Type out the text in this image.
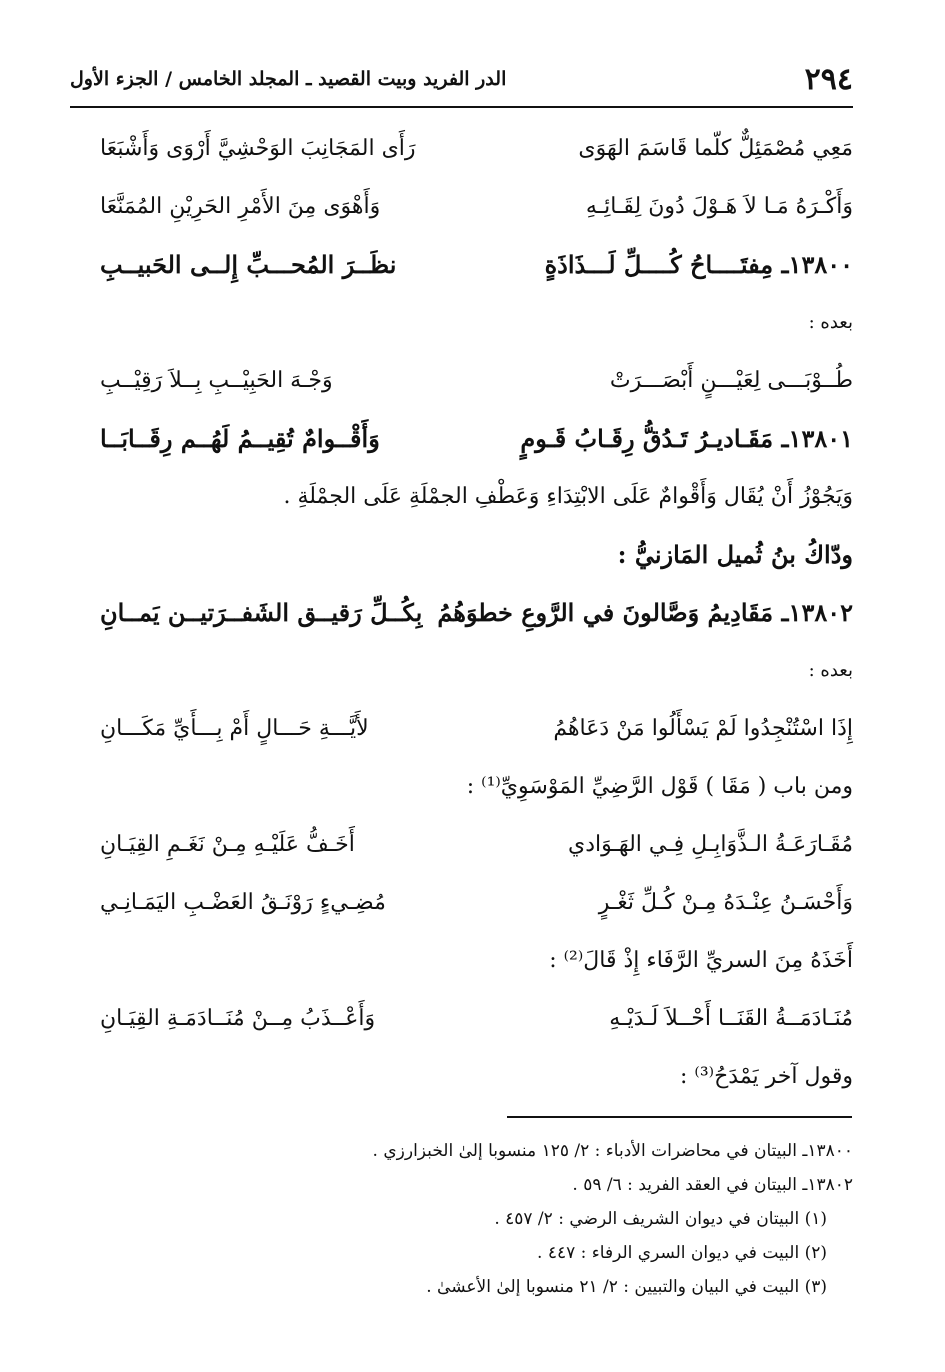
٢٩٤
الدر الفريد وبيت القصيد ـ المجلد الخامس / الجزء الأول
مَعِي مُصْمَئِلٌّ كلّما قَاسَمَ الهَوَى
رَأَى المَجَانِبَ الوَحْشِيَّ أَرْوَى وَأَشْبَعَا
وَأَكْـرَهُ مَـا لاَ هَـوْلَ دُونَ لِقَـائِـهِ
وَأَهْوَى مِنَ الأَمْرِ الحَرِيْنِ المُمَنَّعَا
١٣٨٠٠ـ مِفتَــــاحُ كُــــلِّ لَـــذَاذَةٍ
نظَــرَ المُحـــبِّ إِلــى الحَبيــبِ
بعده :
طُــوْبَـــى لِعَيْـــنٍ أَبْصَـــرَتْ
وَجْـهَ الحَبِيْــبِ بِــلاَ رَقِيْــبِ
١٣٨٠١ـ مَقَـاديـرُ تَـدُقُّ رِقَـابُ قَـومٍ
وَأَقْــوامٌ تُقِيــمُ لَهُــم رِقَــابَــا
وَيَجُوْزُ أَنْ يُقَال وَأَقْوامٌ عَلَى الابْتِدَاءِ وَعَطْفِ الجمْلَةِ عَلَى الجمْلَةِ .
ودّاكُ بنُ ثُميل المَازنيُّ :
١٣٨٠٢ـ مَقَادِيمُ وَصَّالونَ في الرَّوعِ خطوَهُمُ
بِكُــلِّ رَقيــق الشَفــرَتيــن يَمــانِ
بعده :
إِذَا اسْتُنْجِدُوا لَمْ يَسْأَلُوا مَنْ دَعَاهُمُ
لأَيَّـــةِ حَـــالٍ أَمْ بِـــأَيِّ مَكَـــانِ
ومن باب ( مَقَا ) قَوْل الرَّضِيِّ المَوْسَوِيِّ⁽¹⁾ :
مُقَـارَعَـةُ الـذَّوَابِـلِ فِـي الهَـوَادي
أَخَـفُّ عَلَيْـهِ مِـنْ نَغَـمِ القِيَـانِ
وَأَحْسَـنُ عِنْـدَهُ مِـنْ كُـلِّ ثَغْـرٍ
مُضِـيءٍ رَوْنَـقُ العَضْـبِ اليَمَـانِـي
أَخَذَهُ مِنَ السريِّ الرَّفَاء إِذْ قَالَ⁽²⁾ :
مُنَـادَمَــةُ القَنَــا أَحْــلاَ لَـدَيْـهِ
وَأَعْــذَبُ مِــنْ مُنَــادَمَـةِ القِيَـانِ
وقول آخر يَمْدَحُ⁽³⁾ :
١٣٨٠٠ـ البيتان في محاضرات الأدباء : ٢/ ١٢٥ منسوبا إلىٰ الخبزارزي .
١٣٨٠٢ـ البيتان في العقد الفريد : ٦/ ٥٩ .
(١) البيتان في ديوان الشريف الرضي : ٢/ ٤٥٧ .
(٢) البيت في ديوان السري الرفاء : ٤٤٧ .
(٣) البيت في البيان والتبيين : ٢/ ٢١ منسوبا إلىٰ الأعشىٰ .
